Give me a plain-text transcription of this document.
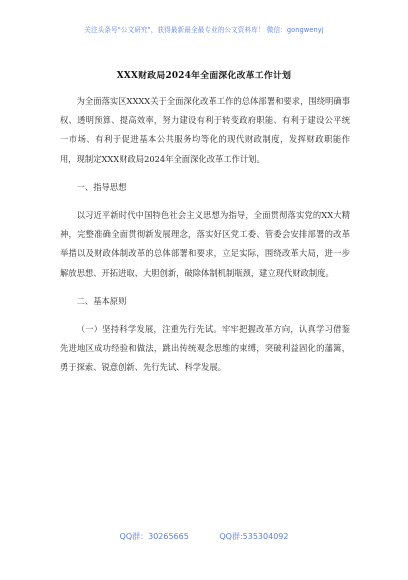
关注头条号"公文研究"，获得最新最全最专业的公文资料库！ 微信：gongwenyj
XXX财政局2024年全面深化改革工作计划

为全面落实区XXXX关于全面深化改革工作的总体部署和要求，围绕明确事权、透明预算、提高效率，努力建设有利于转变政府职能、有利于建设公平统一市场、有利于促进基本公共服务均等化的现代财政制度，发挥财政职能作用，现制定XXX财政局2024年全面深化改革工作计划。

一、指导思想

以习近平新时代中国特色社会主义思想为指导，全面贯彻落实党的XX大精神，完整准确全面贯彻新发展理念，落实好区党工委、管委会安排部署的改革举措以及财政体制改革的总体部署和要求，立足实际，围绕改革大局，进一步解放思想、开拓进取、大胆创新，破除体制机制瓶颈，建立现代财政制度。

二、基本原则

（一）坚持科学发展，注重先行先试。牢牢把握改革方向，认真学习借鉴先进地区成功经验和做法，跳出传统观念思维的束缚，突破利益固化的藩篱，勇于探索、锐意创新、先行先试、科学发展。

QQ群：30265665	QQ群:535304092
